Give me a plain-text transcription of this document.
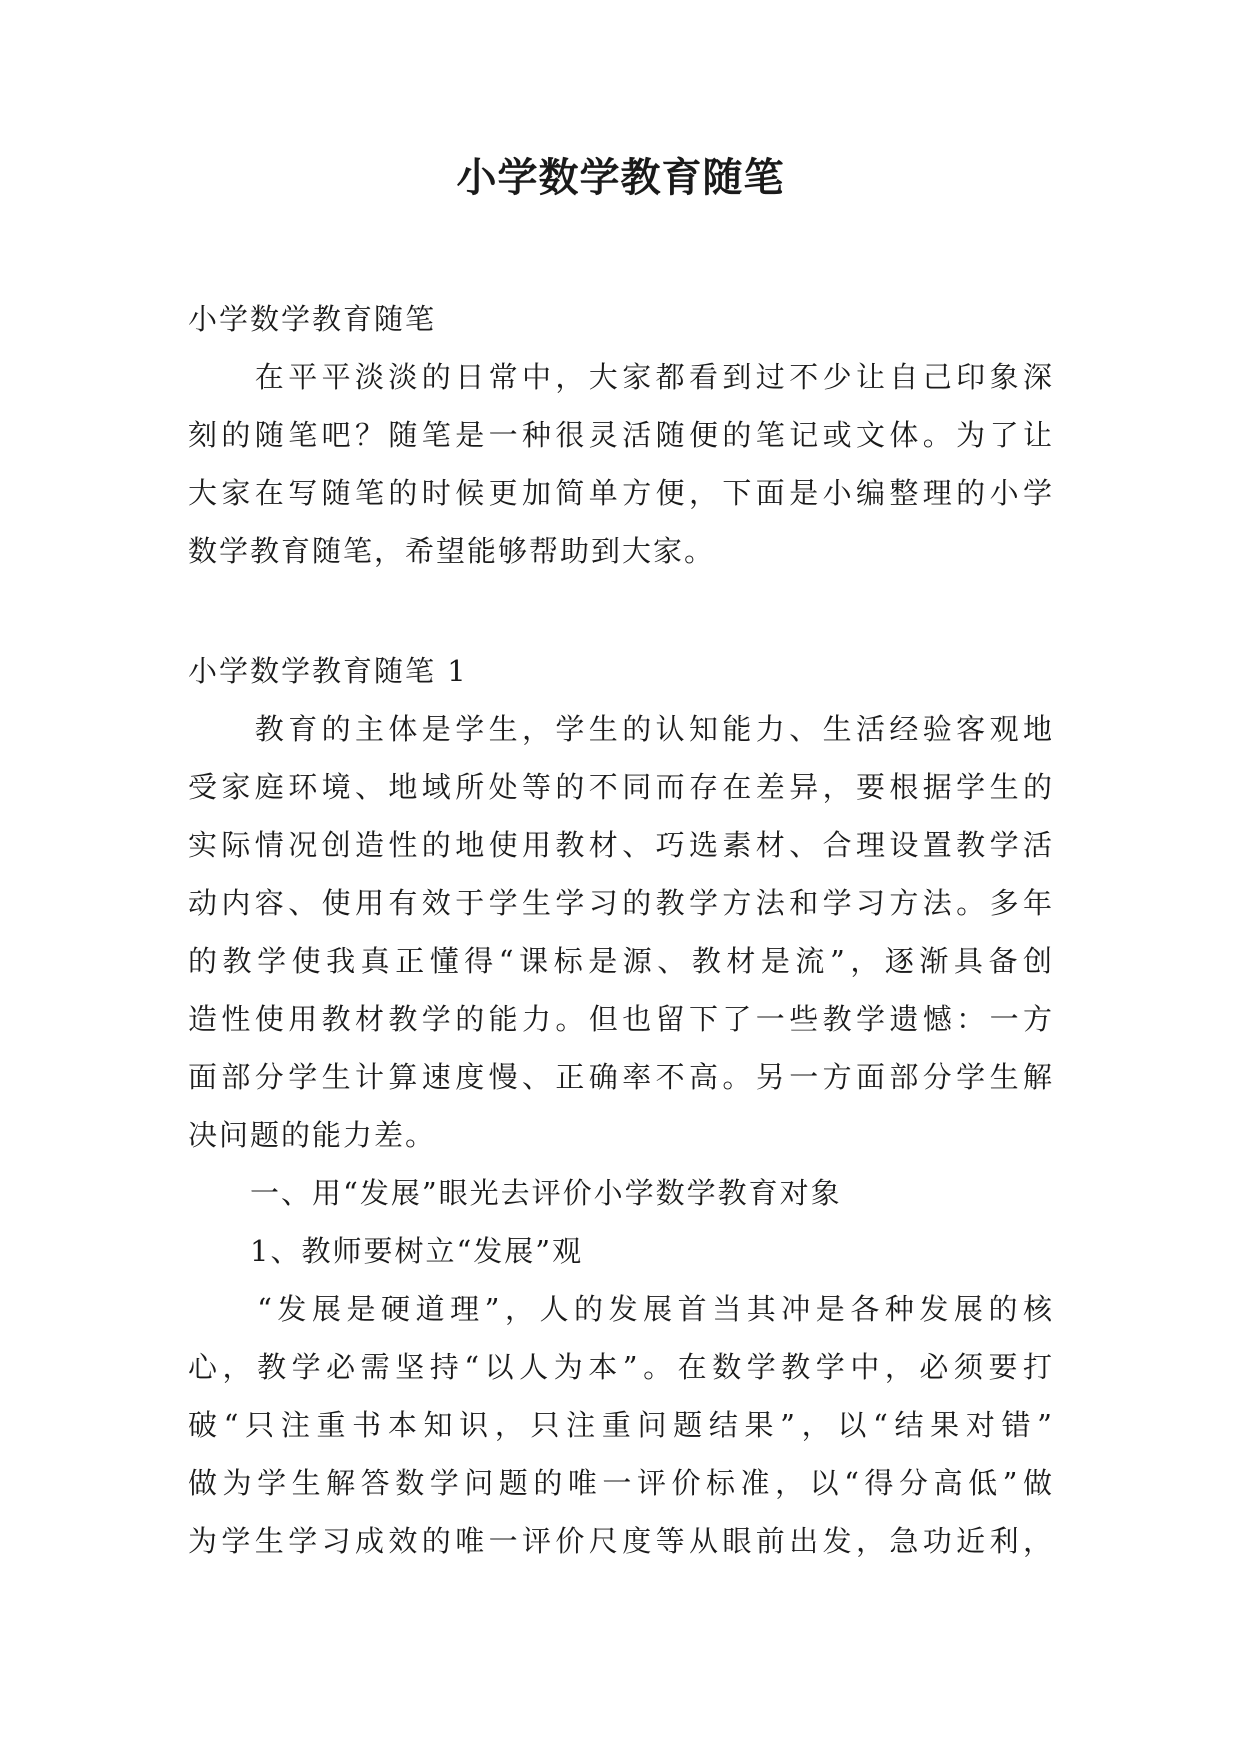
小学数学教育随笔
小学数学教育随笔
　　在平平淡淡的日常中，大家都看到过不少让自己印象深
刻的随笔吧？随笔是一种很灵活随便的笔记或文体。为了让
大家在写随笔的时候更加简单方便，下面是小编整理的小学
数学教育随笔，希望能够帮助到大家。
小学数学教育随笔 1
　　教育的主体是学生，学生的认知能力、生活经验客观地
受家庭环境、地域所处等的不同而存在差异，要根据学生的
实际情况创造性的地使用教材、巧选素材、合理设置教学活
动内容、使用有效于学生学习的教学方法和学习方法。多年
的教学使我真正懂得“课标是源、教材是流”，逐渐具备创
造性使用教材教学的能力。但也留下了一些教学遗憾：一方
面部分学生计算速度慢、正确率不高。另一方面部分学生解
决问题的能力差。
　　一、用“发展”眼光去评价小学数学教育对象
　　1、教师要树立“发展”观
　　“发展是硬道理”，人的发展首当其冲是各种发展的核
心，教学必需坚持“以人为本”。在数学教学中，必须要打
破“只注重书本知识，只注重问题结果”，以“结果对错”
做为学生解答数学问题的唯一评价标准，以“得分高低”做
为学生学习成效的唯一评价尺度等从眼前出发，急功近利，
